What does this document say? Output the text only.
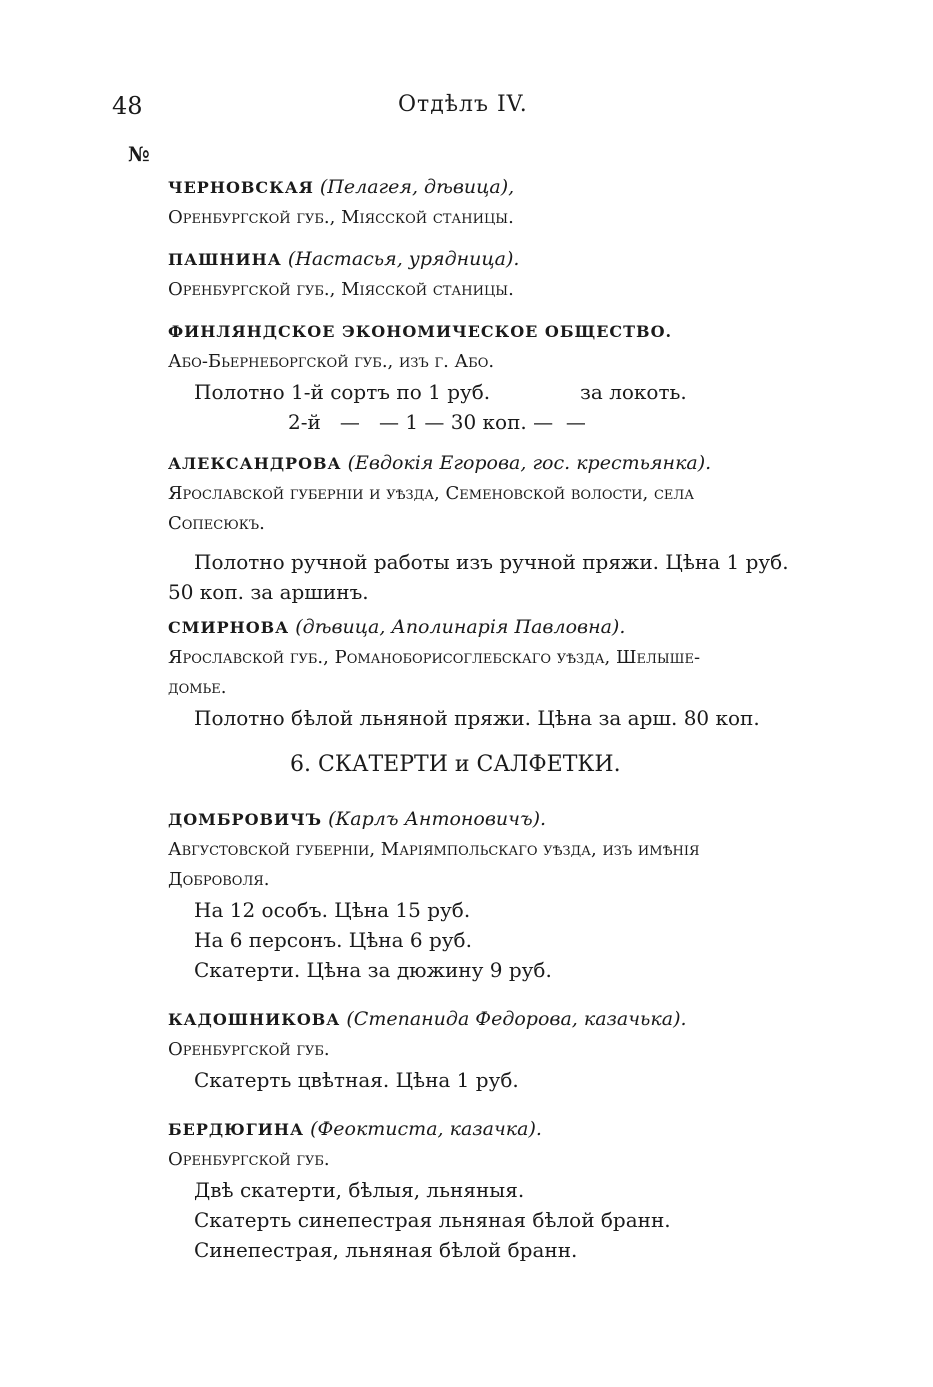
48	Отдѣлъ IV.
№
ЧЕРНОВСКАЯ (Пелагея, дѣвица),
Оренбургской губ., Міясской станицы.
ПАШНИНА (Настасья, урядница).
Оренбургской губ., Міясской станицы.
ФИНЛЯНДСКОЕ ЭКОНОМИЧЕСКОЕ ОБЩЕСТВО.
Або-Бьернеборгской губ., изъ г. Або.
Полотно 1-й сортъ по 1 руб.	за локоть.
2-й   —   — 1 — 30 коп. —  —
АЛЕКСАНДРОВА (Евдокія Егорова, гос. крестьянка).
Ярославской губерніи и уѣзда, Семеновской волости, села
Сопесюкъ.
Полотно ручной работы изъ ручной пряжи. Цѣна 1 руб.
50 коп. за аршинъ.
СМИРНОВА (дѣвица, Аполинарія Павловна).
Ярославской губ., Романоборисоглебскаго уѣзда, Шелыше-
домье.
Полотно бѣлой льняной пряжи. Цѣна за арш. 80 коп.
6. СКАТЕРТИ и САЛФЕТКИ.
ДОМБРОВИЧЪ (Карлъ Антоновичъ).
Августовской губерніи, Маріямпольскаго уѣзда, изъ имѣнія
Доброволя.
На 12 особъ. Цѣна 15 руб.
На 6 персонъ. Цѣна 6 руб.
Скатерти. Цѣна за дюжину 9 руб.
КАДОШНИКОВА (Степанида Федорова, казачька).
Оренбургской губ.
Скатерть цвѣтная. Цѣна 1 руб.
БЕРДЮГИНА (Феоктиста, казачка).
Оренбургской губ.
Двѣ скатерти, бѣлыя, льняныя.
Скатерть синепестрая льняная бѣлой бранн.
Синепестрая, льняная бѣлой бранн.
